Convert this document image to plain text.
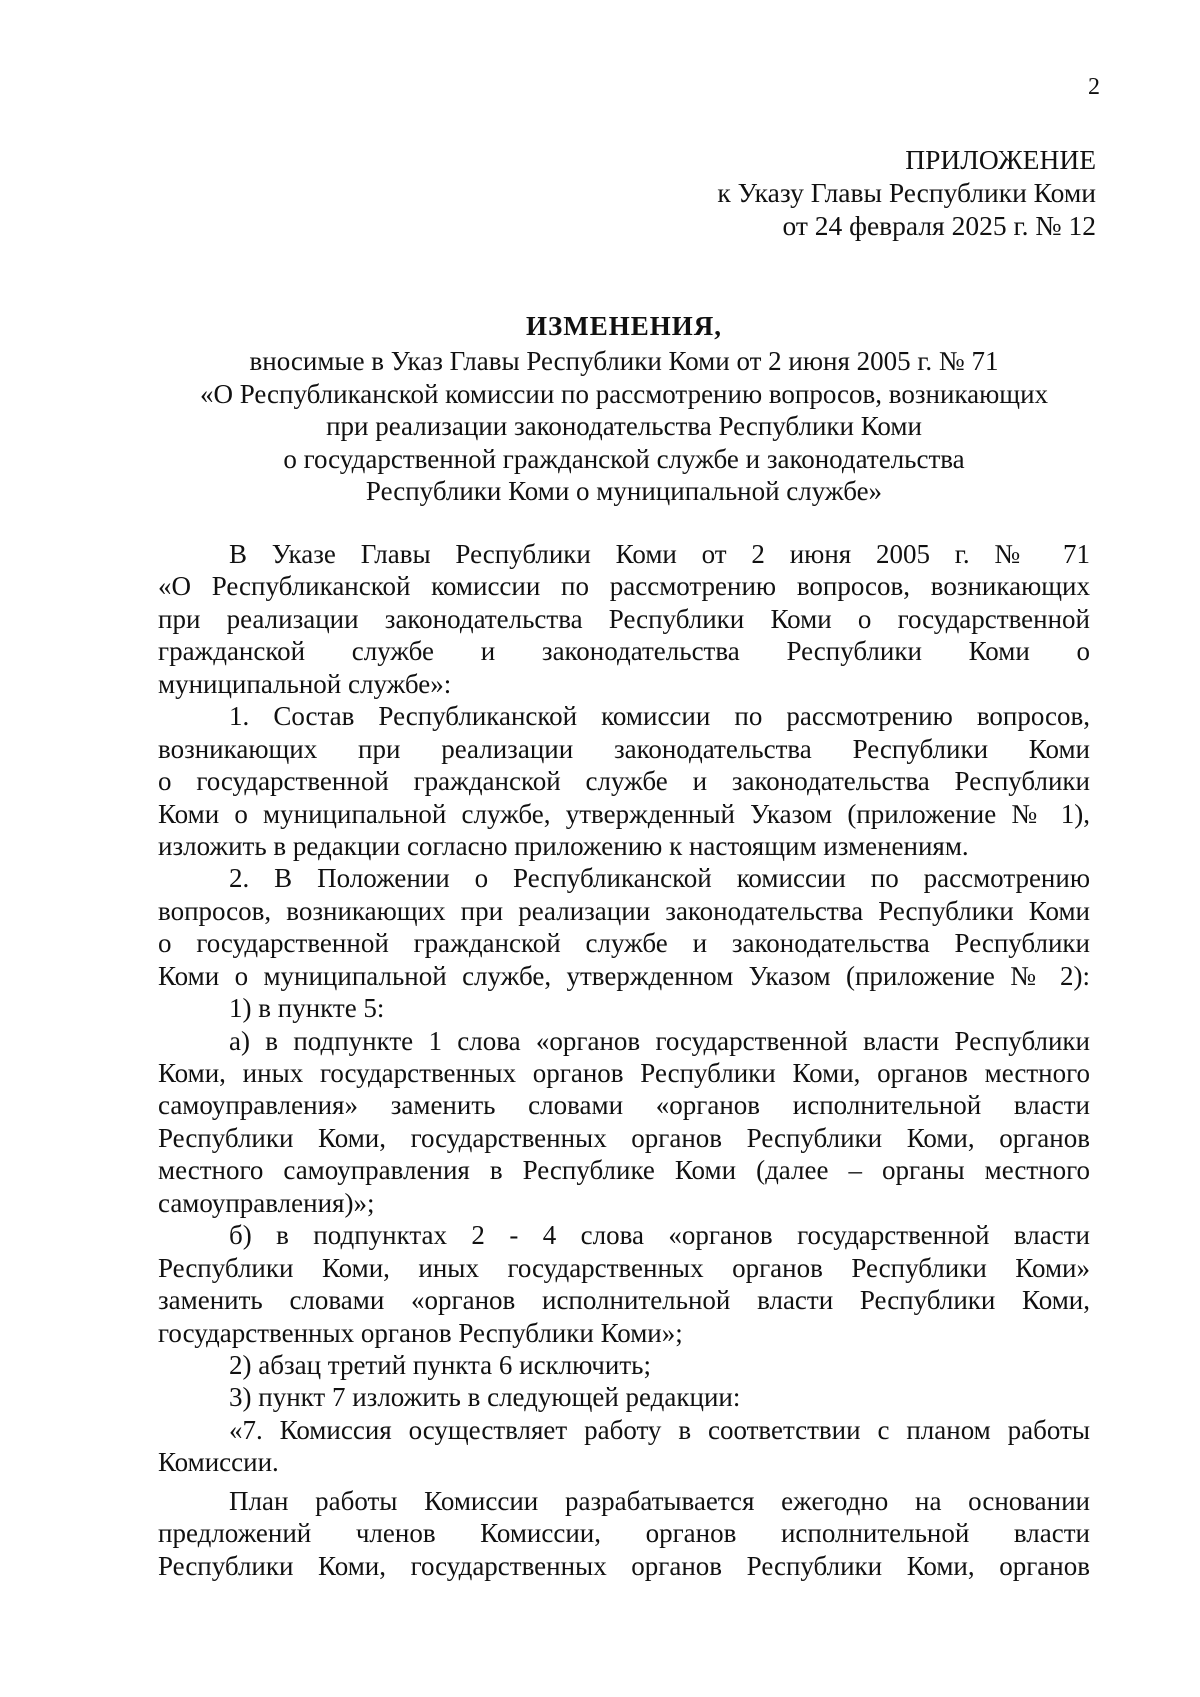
2
ПРИЛОЖЕНИЕ
к Указу Главы Республики Коми
от 24 февраля 2025 г. № 12
ИЗМЕНЕНИЯ,
вносимые в Указ Главы Республики Коми от 2 июня 2005 г. № 71
«О Республиканской комиссии по рассмотрению вопросов, возникающих
при реализации законодательства Республики Коми
о государственной гражданской службе и законодательства
Республики Коми о муниципальной службе»
В Указе Главы Республики Коми от 2 июня 2005 г. № 71
«О Республиканской комиссии по рассмотрению вопросов, возникающих
при реализации законодательства Республики Коми о государственной
гражданской службе и законодательства Республики Коми о
муниципальной службе»:
1. Состав Республиканской комиссии по рассмотрению вопросов,
возникающих при реализации законодательства Республики Коми
о государственной гражданской службе и законодательства Республики
Коми о муниципальной службе, утвержденный Указом (приложение № 1),
изложить в редакции согласно приложению к настоящим изменениям.
2. В Положении о Республиканской комиссии по рассмотрению
вопросов, возникающих при реализации законодательства Республики Коми
о государственной гражданской службе и законодательства Республики
Коми о муниципальной службе, утвержденном Указом (приложение № 2):
1) в пункте 5:
а) в подпункте 1 слова «органов государственной власти Республики
Коми, иных государственных органов Республики Коми, органов местного
самоуправления» заменить словами «органов исполнительной власти
Республики Коми, государственных органов Республики Коми, органов
местного самоуправления в Республике Коми (далее – органы местного
самоуправления)»;
б) в подпунктах 2 - 4 слова «органов государственной власти
Республики Коми, иных государственных органов Республики Коми»
заменить словами «органов исполнительной власти Республики Коми,
государственных органов Республики Коми»;
2) абзац третий пункта 6 исключить;
3) пункт 7 изложить в следующей редакции:
«7. Комиссия осуществляет работу в соответствии с планом работы
Комиссии.
План работы Комиссии разрабатывается ежегодно на основании
предложений членов Комиссии, органов исполнительной власти
Республики Коми, государственных органов Республики Коми, органов
